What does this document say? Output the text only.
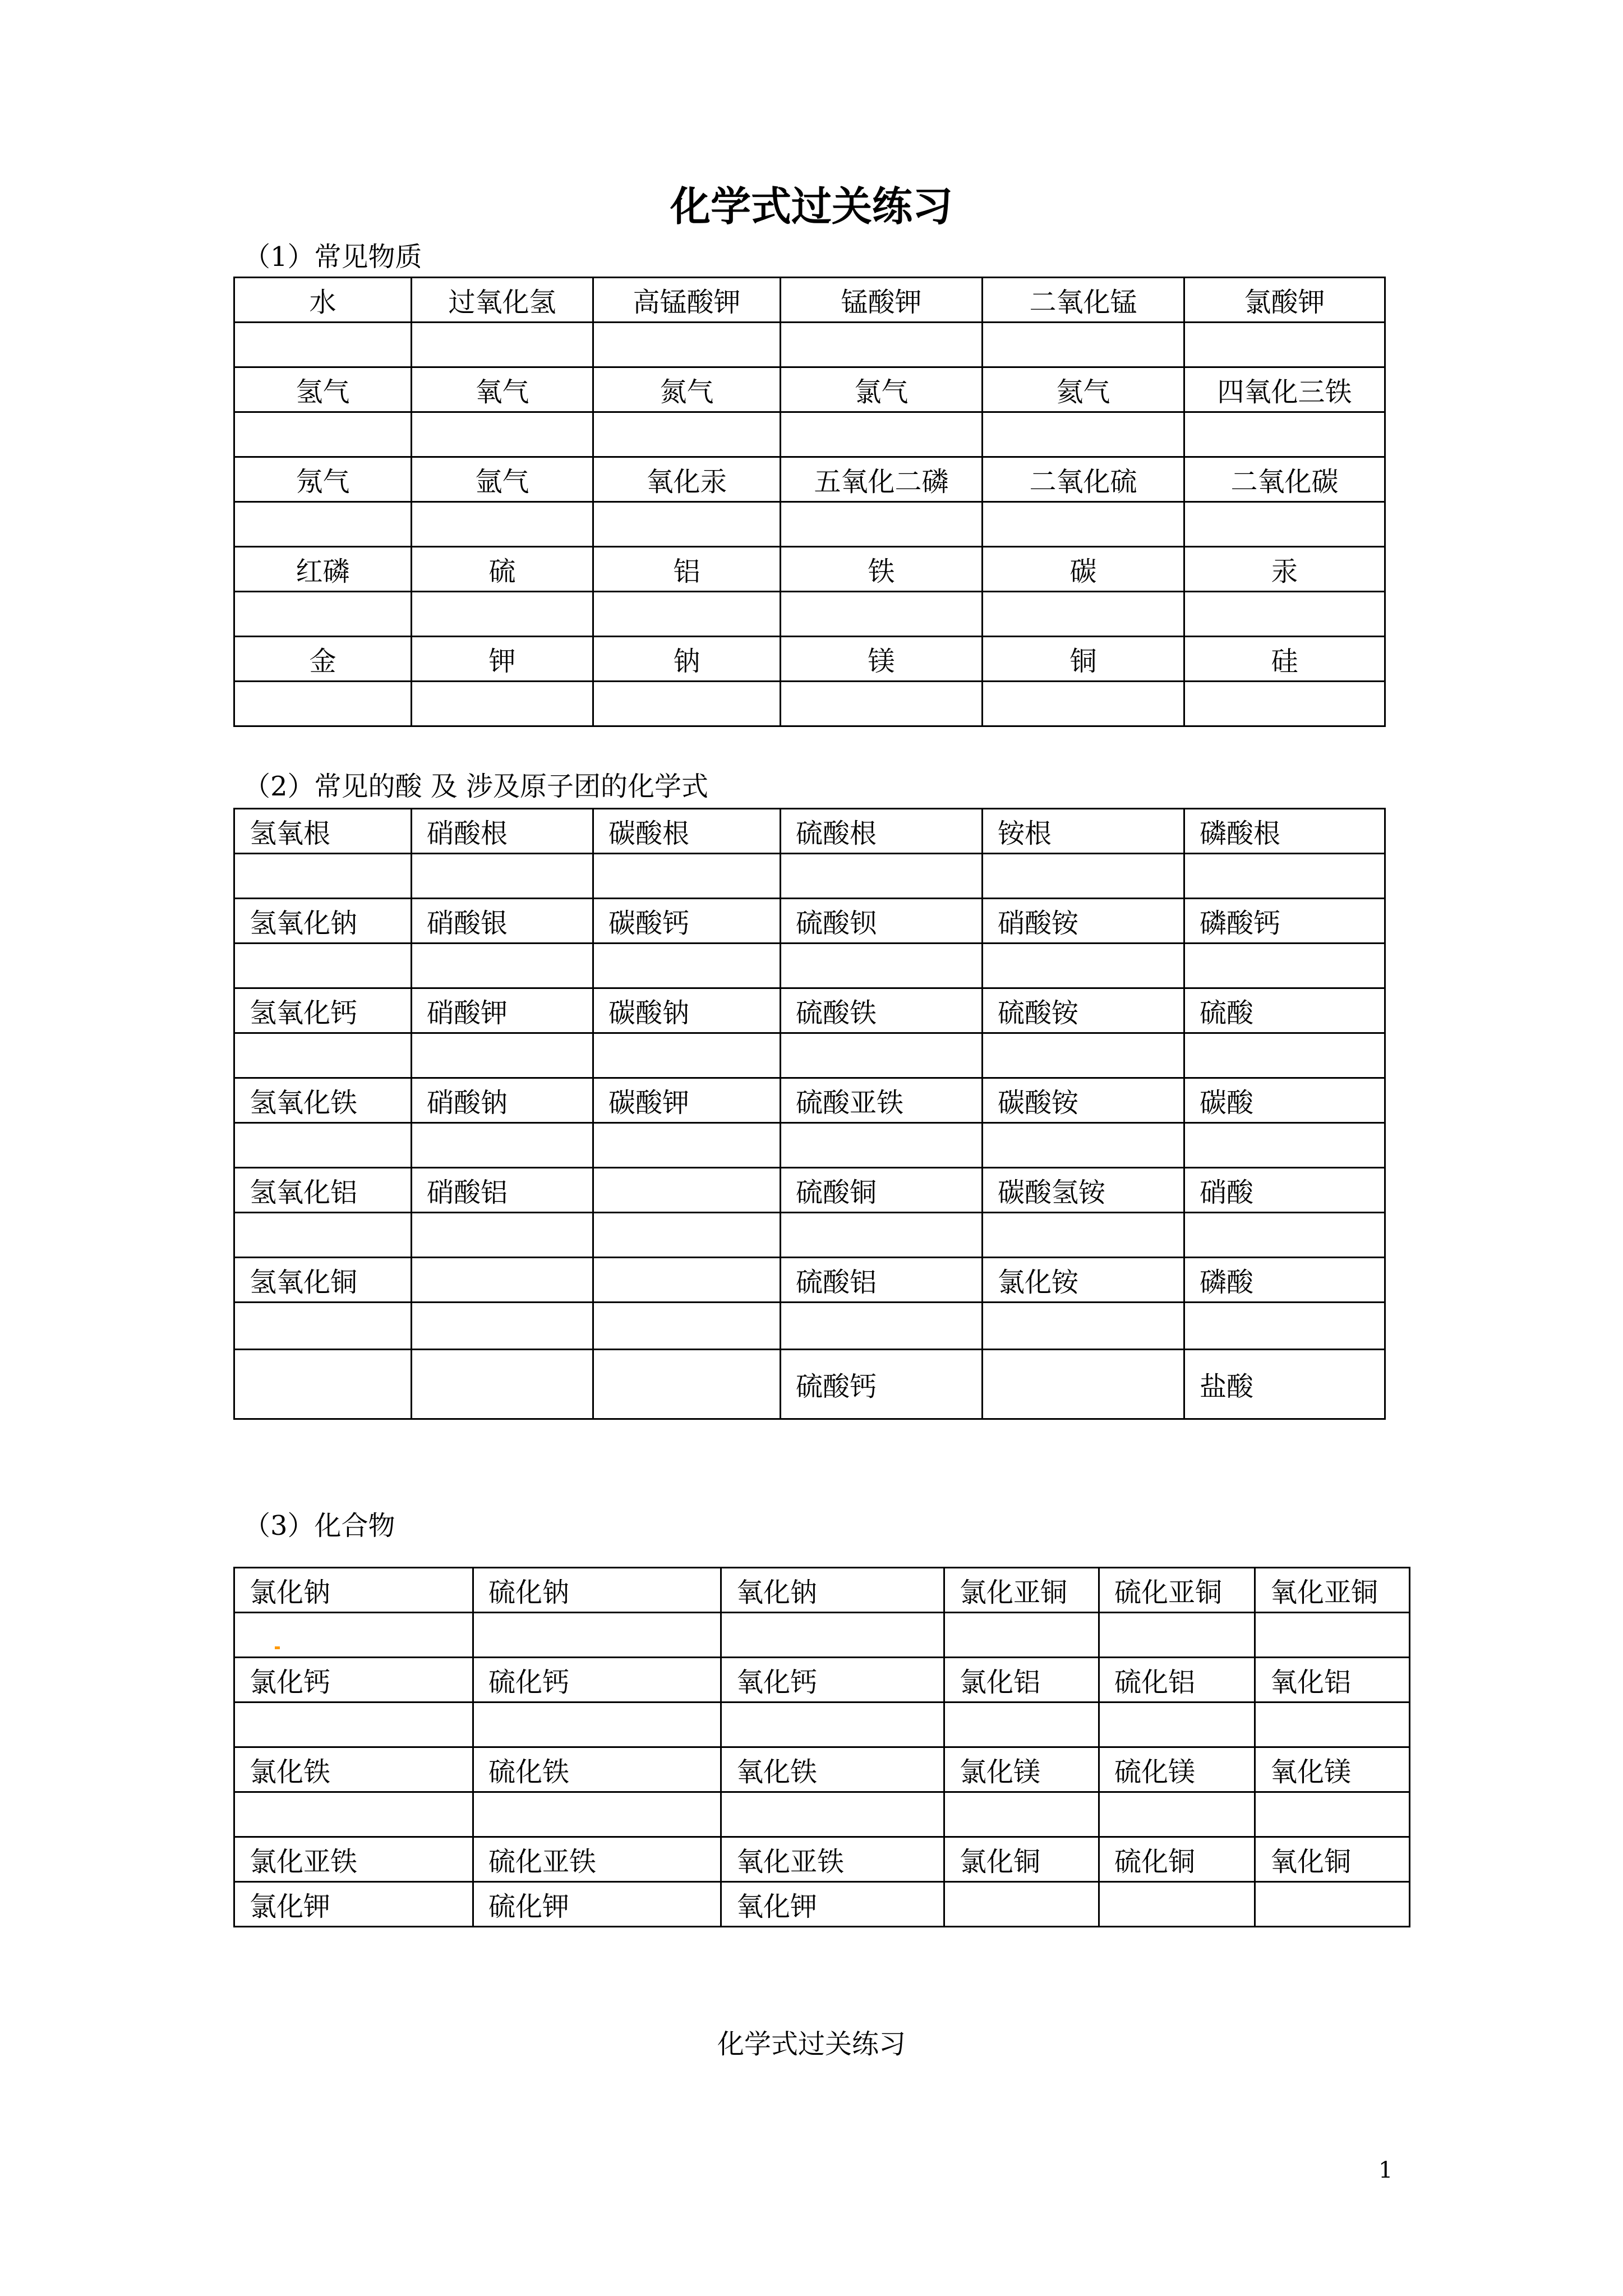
化学式过关练习
（1）常见物质
水	过氧化氢	高锰酸钾	锰酸钾	二氧化锰	氯酸钾

氢气	氧气	氮气	氯气	氦气	四氧化三铁

氖气	氩气	氧化汞	五氧化二磷	二氧化硫	二氧化碳

红磷	硫	铝	铁	碳	汞

金	钾	钠	镁	铜	硅

（2）常见的酸 及 涉及原子团的化学式
氢氧根	硝酸根	碳酸根	硫酸根	铵根	磷酸根

氢氧化钠	硝酸银	碳酸钙	硫酸钡	硝酸铵	磷酸钙

氢氧化钙	硝酸钾	碳酸钠	硫酸铁	硫酸铵	硫酸

氢氧化铁	硝酸钠	碳酸钾	硫酸亚铁	碳酸铵	碳酸

氢氧化铝	硝酸铝		硫酸铜	碳酸氢铵	硝酸

氢氧化铜			硫酸铝	氯化铵	磷酸

			硫酸钙		盐酸
（3）化合物
氯化钠	硫化钠	氧化钠	氯化亚铜	硫化亚铜	氧化亚铜

氯化钙	硫化钙	氧化钙	氯化铝	硫化铝	氧化铝

氯化铁	硫化铁	氧化铁	氯化镁	硫化镁	氧化镁

氯化亚铁	硫化亚铁	氧化亚铁	氯化铜	硫化铜	氧化铜
氯化钾	硫化钾	氧化钾			
化学式过关练习
1
